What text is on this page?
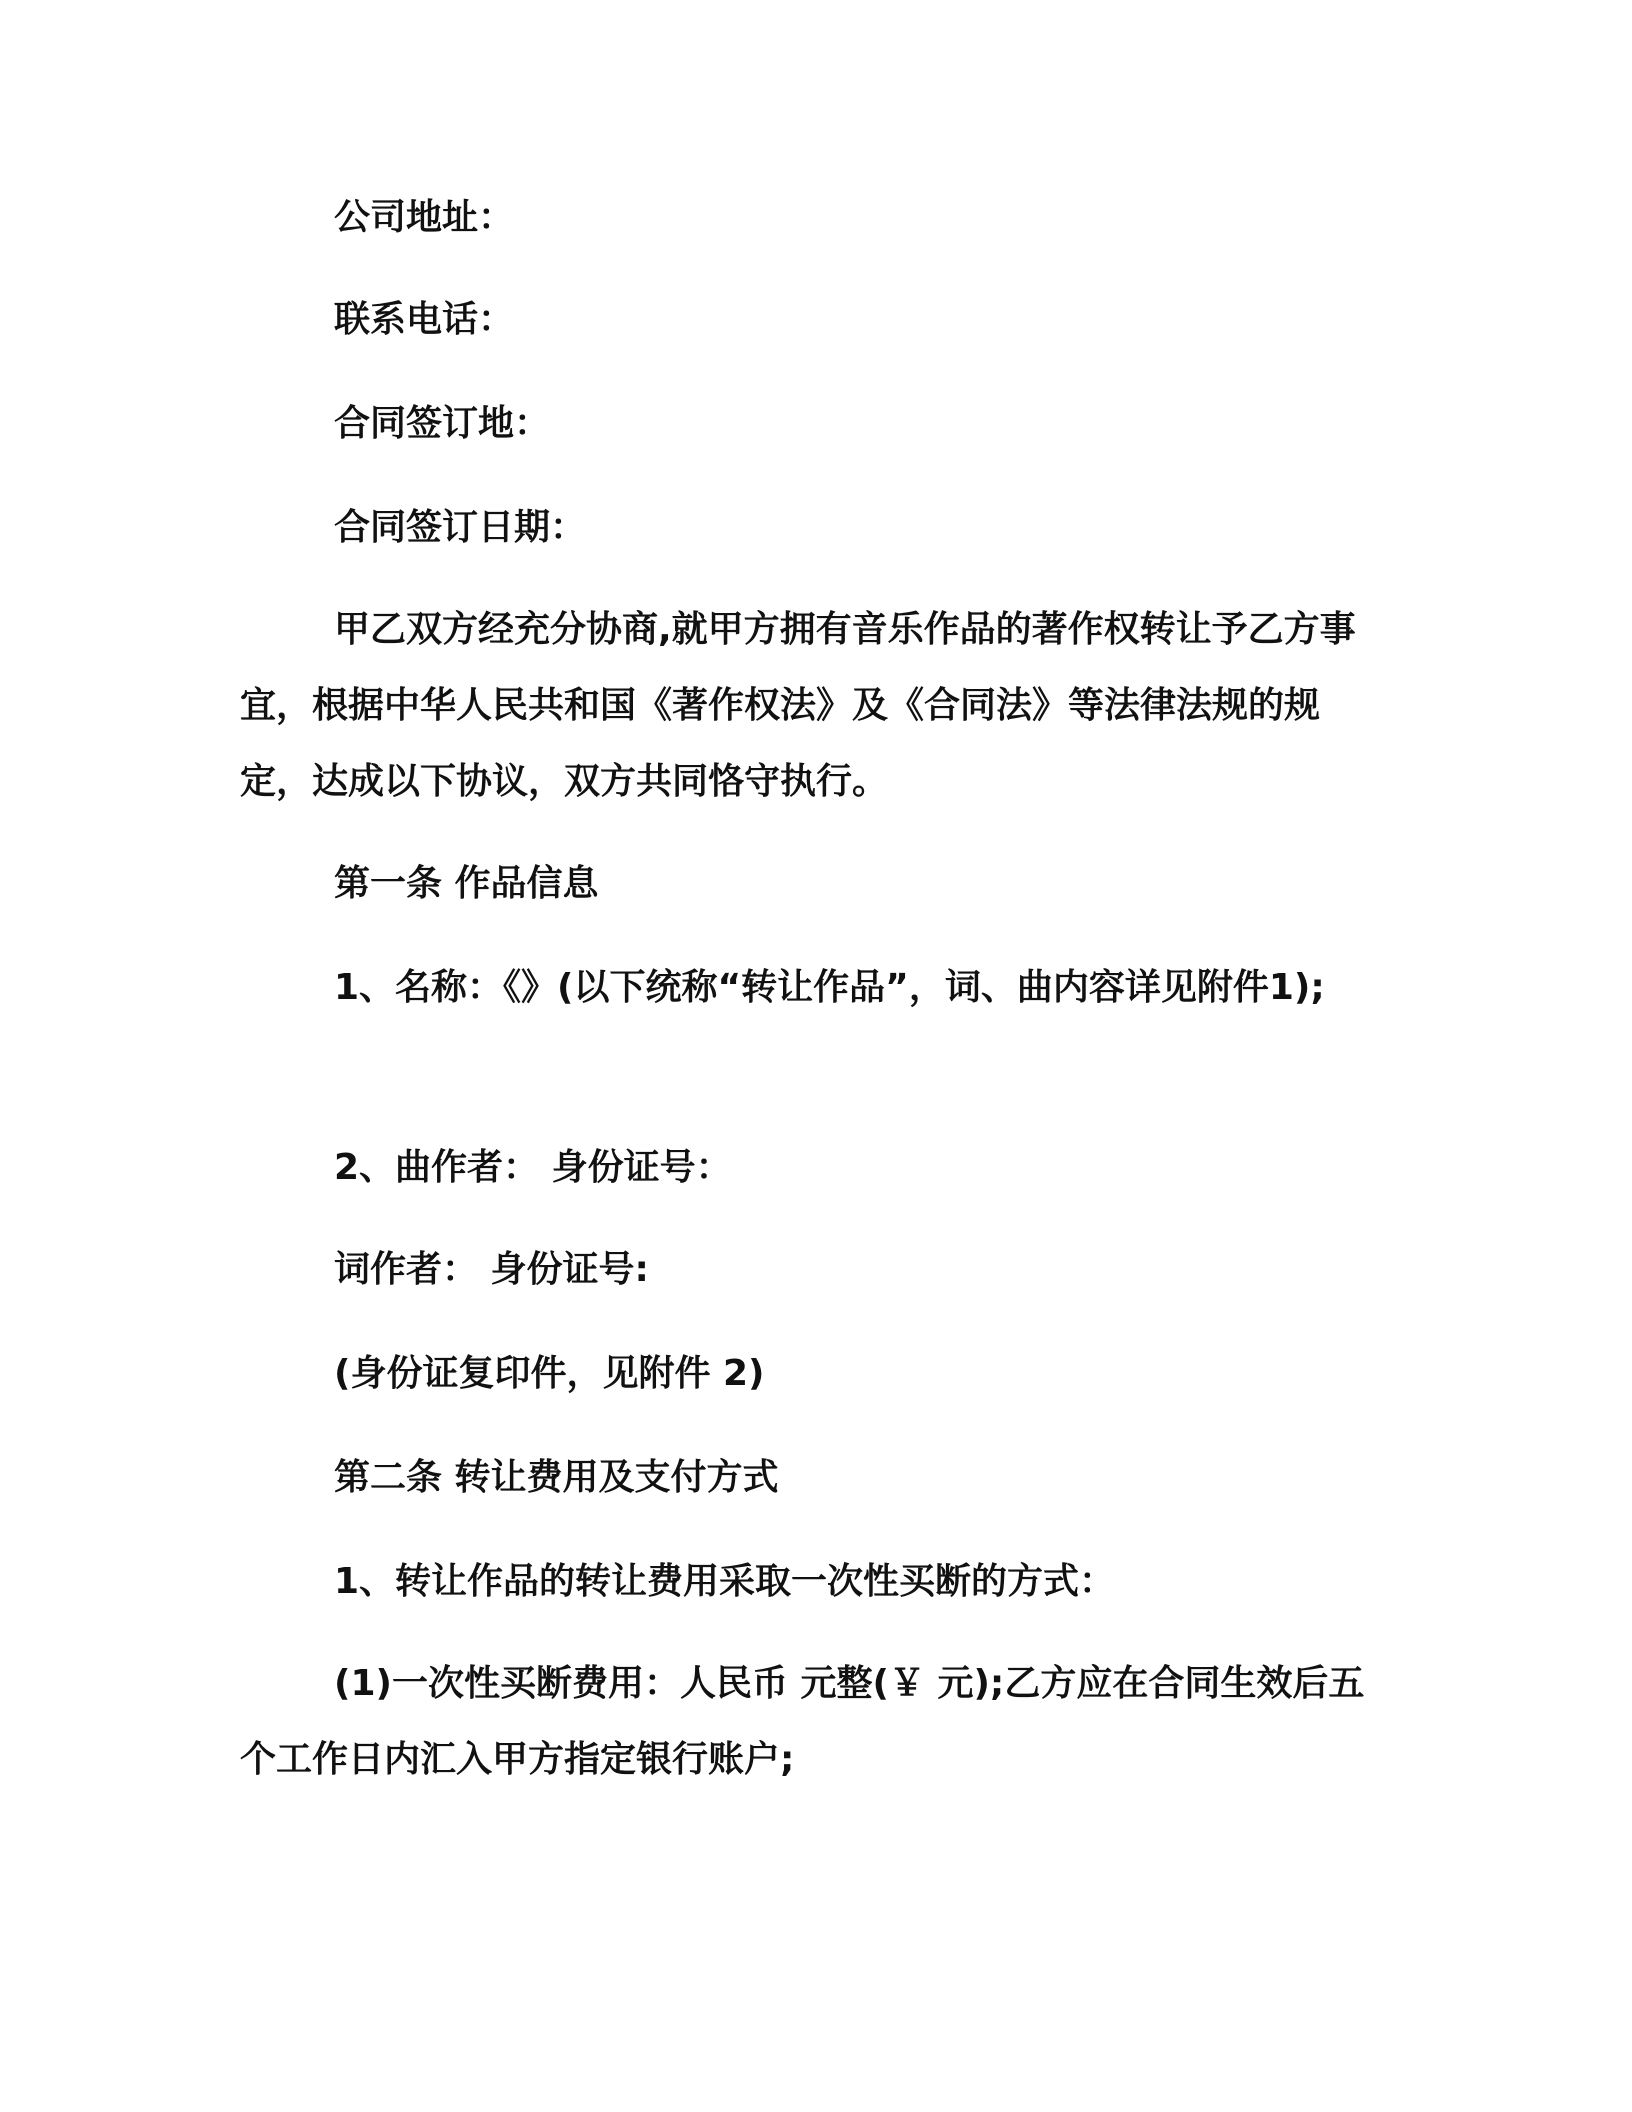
公司地址：
联系电话：
合同签订地：
合同签订日期：
甲乙双方经充分协商,就甲方拥有音乐作品的著作权转让予乙方事宜，根据中华人民共和国《著作权法》及《合同法》等法律法规的规定，达成以下协议，双方共同恪守执行。
第一条 作品信息
1、名称：《》(以下统称“转让作品”，词、曲内容详见附件1);
2、曲作者： 身份证号：
词作者： 身份证号:
(身份证复印件，见附件 2)
第二条 转让费用及支付方式
1、转让作品的转让费用采取一次性买断的方式：
(1)一次性买断费用：人民币 元整(￥ 元);乙方应在合同生效后五个工作日内汇入甲方指定银行账户;
